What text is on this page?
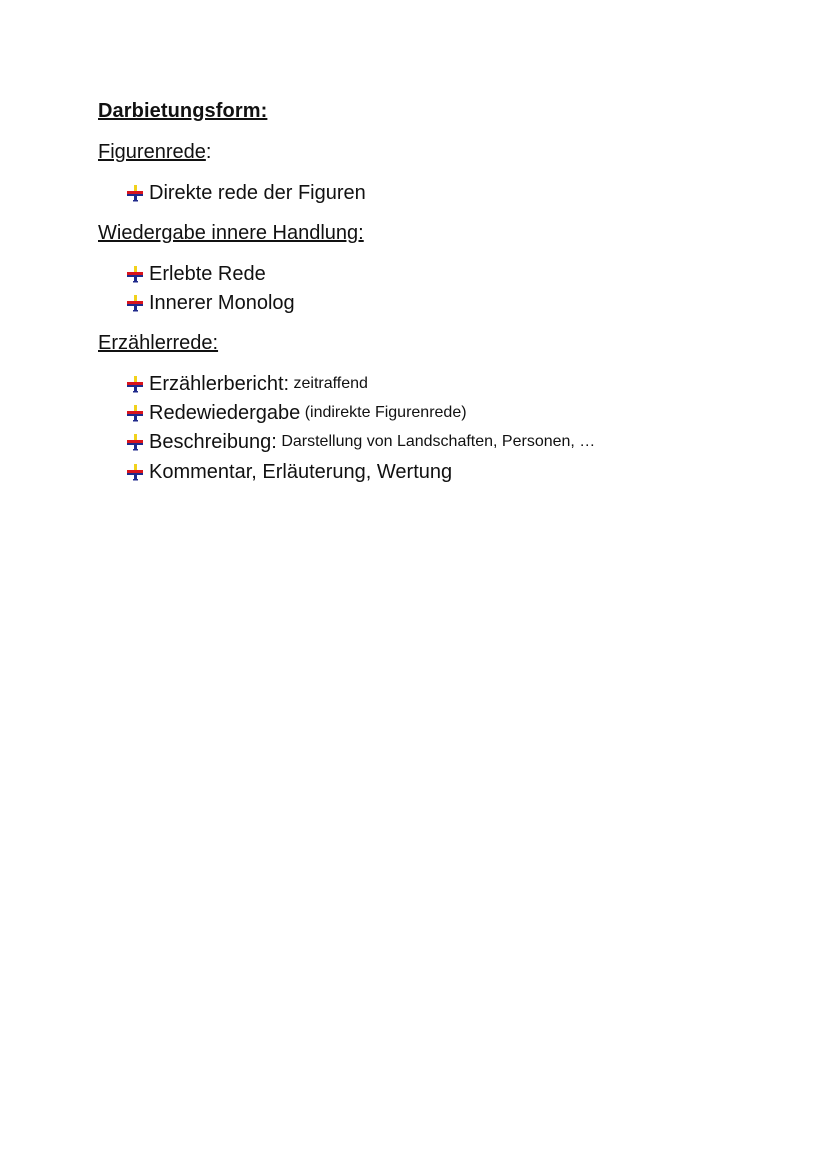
Darbietungsform:
Figurenrede:
Direkte rede der Figuren
Wiedergabe innere Handlung:
Erlebte Rede
Innerer Monolog
Erzählerrede:
Erzählerbericht:
zeitraffend
Redewiedergabe
(indirekte Figurenrede)
Beschreibung:
Darstellung von Landschaften, Personen, …
Kommentar, Erläuterung, Wertung
